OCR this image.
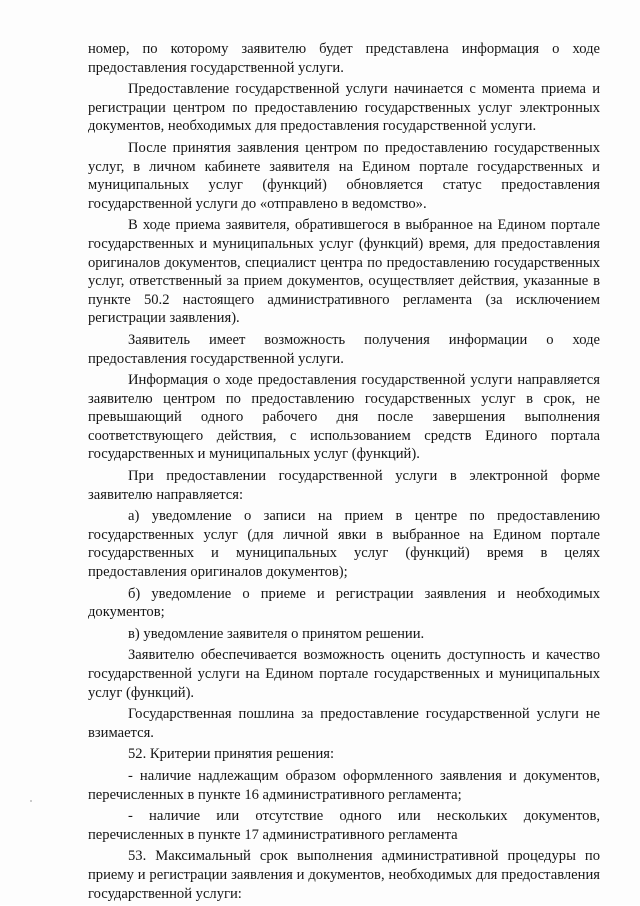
номер, по которому заявителю будет представлена информация о ходе предоставления государственной услуги.

Предоставление государственной услуги начинается с момента приема и регистрации центром по предоставлению государственных услуг электронных документов, необходимых для предоставления государственной услуги.

После принятия заявления центром по предоставлению государственных услуг, в личном кабинете заявителя на Едином портале государственных и муниципальных услуг (функций) обновляется статус предоставления государственной услуги до «отправлено в ведомство».

В ходе приема заявителя, обратившегося в выбранное на Едином портале государственных и муниципальных услуг (функций) время, для предоставления оригиналов документов, специалист центра по предоставлению государственных услуг, ответственный за прием документов, осуществляет действия, указанные в пункте 50.2 настоящего административного регламента (за исключением регистрации заявления).

Заявитель имеет возможность получения информации о ходе предоставления государственной услуги.

Информация о ходе предоставления государственной услуги направляется заявителю центром по предоставлению государственных услуг в срок, не превышающий одного рабочего дня после завершения выполнения соответствующего действия, с использованием средств Единого портала государственных и муниципальных услуг (функций).

При предоставлении государственной услуги в электронной форме заявителю направляется:

а) уведомление о записи на прием в центре по предоставлению государственных услуг (для личной явки в выбранное на Едином портале государственных и муниципальных услуг (функций) время в целях предоставления оригиналов документов);

б) уведомление о приеме и регистрации заявления и необходимых документов;

в) уведомление заявителя о принятом решении.

Заявителю обеспечивается возможность оценить доступность и качество государственной услуги на Едином портале государственных и муниципальных услуг (функций).

Государственная пошлина за предоставление государственной услуги не взимается.

52. Критерии принятия решения:

- наличие надлежащим образом оформленного заявления и документов, перечисленных в пункте 16 административного регламента;

- наличие или отсутствие одного или нескольких документов, перечисленных в пункте 17 административного регламента

53. Максимальный срок выполнения административной процедуры по приему и регистрации заявления и документов, необходимых для предоставления государственной услуги:
